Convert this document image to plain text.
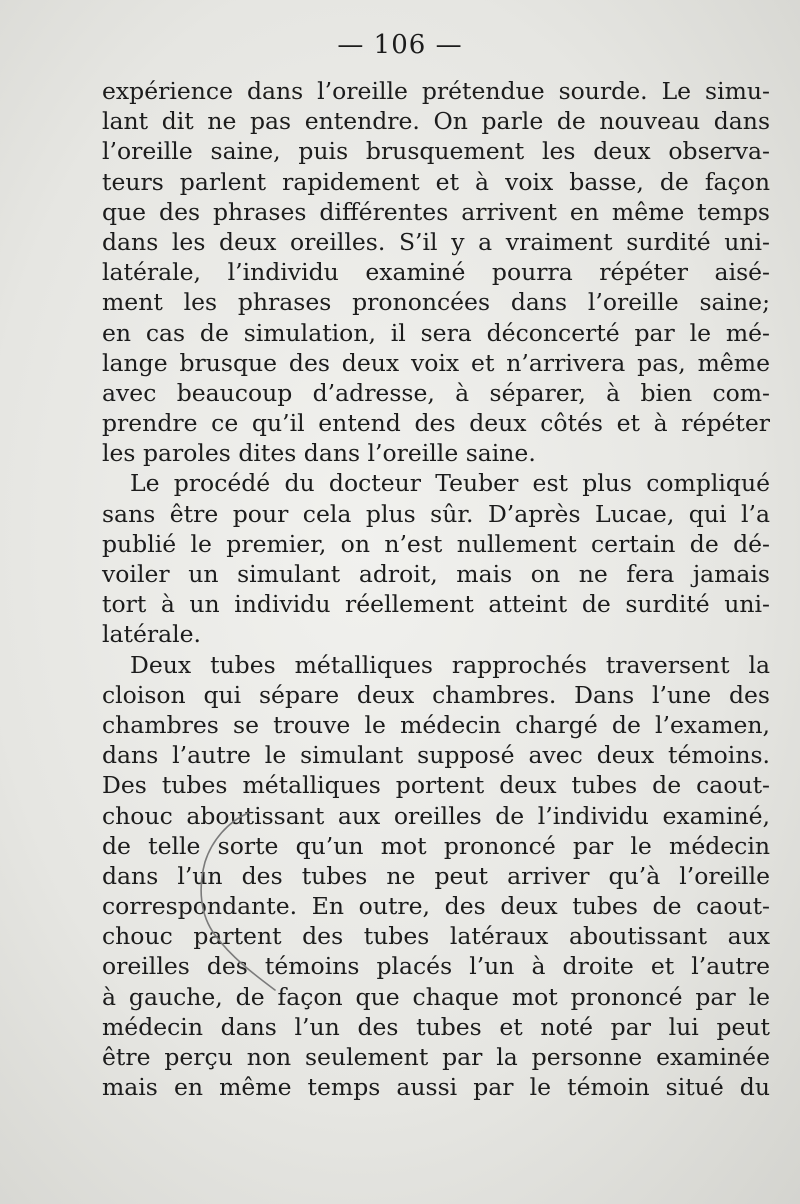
— 106 —
expérience dans l’oreille prétendue sourde. Le simu-
lant dit ne pas entendre. On parle de nouveau dans
l’oreille saine, puis brusquement les deux observa-
teurs parlent rapidement et à voix basse, de façon
que des phrases différentes arrivent en même temps
dans les deux oreilles. S’il y a vraiment surdité uni-
latérale, l’individu examiné pourra répéter aisé-
ment les phrases prononcées dans l’oreille saine;
en cas de simulation, il sera déconcerté par le mé-
lange brusque des deux voix et n’arrivera pas, même
avec beaucoup d’adresse, à séparer, à bien com-
prendre ce qu’il entend des deux côtés et à répéter
les paroles dites dans l’oreille saine.
Le procédé du docteur Teuber est plus compliqué
sans être pour cela plus sûr. D’après Lucae, qui l’a
publié le premier, on n’est nullement certain de dé-
voiler un simulant adroit, mais on ne fera jamais
tort à un individu réellement atteint de surdité uni-
latérale.
Deux tubes métalliques rapprochés traversent la
cloison qui sépare deux chambres. Dans l’une des
chambres se trouve le médecin chargé de l’examen,
dans l’autre le simulant supposé avec deux témoins.
Des tubes métalliques portent deux tubes de caout-
chouc aboutissant aux oreilles de l’individu examiné,
de telle sorte qu’un mot prononcé par le médecin
dans l’un des tubes ne peut arriver qu’à l’oreille
correspondante. En outre, des deux tubes de caout-
chouc partent des tubes latéraux aboutissant aux
oreilles des témoins placés l’un à droite et l’autre
à gauche, de façon que chaque mot prononcé par le
médecin dans l’un des tubes et noté par lui peut
être perçu non seulement par la personne examinée
mais en même temps aussi par le témoin situé du
